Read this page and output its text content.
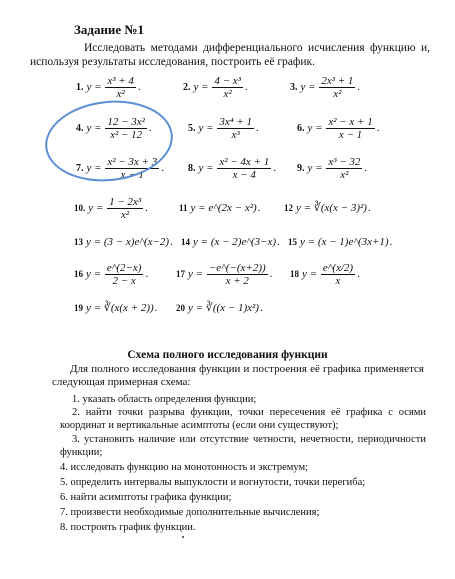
Задание №1
Исследовать методами дифференциального исчисления функцию и, используя результаты исследования, построить её график.
1. $y = \frac{\text{x³ + 4}}{\text{x²}}$ .	2. $y = \frac{\text{4 − x³}}{\text{x²}}$ .	3. $y = \frac{\text{2x³ + 1}}{\text{x²}}$ .
4. $y = \frac{\text{12 − 3x²}}{\text{x² − 12}}$ .	5. $y = \frac{\text{3x⁴ + 1}}{\text{x³}}$ .	6. $y = \frac{\text{x² − x + 1}}{x - 1}$ .
7. $y = \frac{\text{x² − 3x + 3}}{x - 1}$ . 8. $y = \frac{\text{x² − 4x + 1}}{x - 4}$ . 9. $y = \frac{\text{x³ − 32}}{\text{x²}}$ .
10. $y = \frac{\text{1 − 2x³}}{\text{x²}}$ .	11 y = e^(2x − x²).	12 y = ∛(x(x − 3)²).
13 y = (3 − x)e^(x−2). 14 y = (x − 2)e^(3−x). 15 y = (x − 1)e^(3x+1).
16 $y = \frac{e\^{}(2-x)}{2 - x}$ .	17 $y = \frac{-e\^{}(-(x+2))}{x + 2}$ . 18 $y = \frac{e\^{}(x/2)}{x}$ .
19 y = ∛(x(x + 2)). 20 y = ∛((x − 1)x²).
Схема полного исследования функции
Для полного исследования функции и построения её графика применяется следующая примерная схема:
1. указать область определения функции;
2. найти точки разрыва функции, точки пересечения её графика с осями координат и вертикальные асимптоты (если они существуют);
3. установить наличие или отсутствие четности, нечетности, периодичности функции;
4. исследовать функцию на монотонность и экстремум;
5. определить интервалы выпуклости и вогнутости, точки перегиба;
6. найти асимптоты графика функции;
7. произвести необходимые дополнительные вычисления;
8. построить график функции.
